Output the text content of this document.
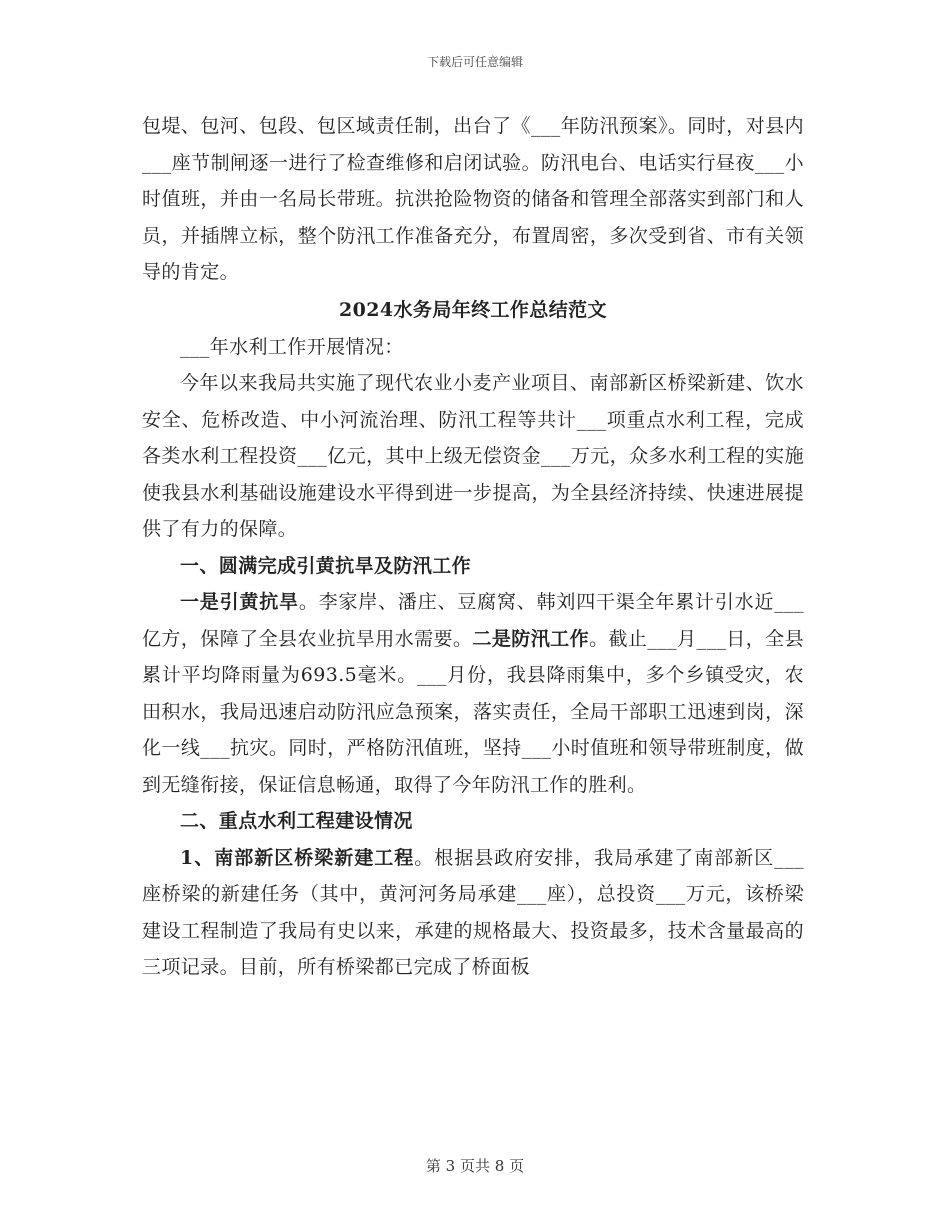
下载后可任意编辑

包堤、包河、包段、包区域责任制，出台了《___年防汛预案》。同时，对县内___座节制闸逐一进行了检查维修和启闭试验。防汛电台、电话实行昼夜___小时值班，并由一名局长带班。抗洪抢险物资的储备和管理全部落实到部门和人员，并插牌立标，整个防汛工作准备充分，布置周密，多次受到省、市有关领导的肯定。

2024水务局年终工作总结范文

___年水利工作开展情况：

今年以来我局共实施了现代农业小麦产业项目、南部新区桥梁新建、饮水安全、危桥改造、中小河流治理、防汛工程等共计___项重点水利工程，完成各类水利工程投资___亿元，其中上级无偿资金___万元，众多水利工程的实施使我县水利基础设施建设水平得到进一步提高，为全县经济持续、快速进展提供了有力的保障。

一、圆满完成引黄抗旱及防汛工作

一是引黄抗旱。李家岸、潘庄、豆腐窝、韩刘四干渠全年累计引水近___亿方，保障了全县农业抗旱用水需要。二是防汛工作。截止___月___日，全县累计平均降雨量为693.5毫米。___月份，我县降雨集中，多个乡镇受灾，农田积水，我局迅速启动防汛应急预案，落实责任，全局干部职工迅速到岗，深化一线___抗灾。同时，严格防汛值班，坚持___小时值班和领导带班制度，做到无缝衔接，保证信息畅通，取得了今年防汛工作的胜利。

二、重点水利工程建设情况

1、南部新区桥梁新建工程。根据县政府安排，我局承建了南部新区___座桥梁的新建任务（其中，黄河河务局承建___座），总投资___万元，该桥梁建设工程制造了我局有史以来，承建的规格最大、投资最多，技术含量最高的三项记录。目前，所有桥梁都已完成了桥面板

第 3 页共 8 页
